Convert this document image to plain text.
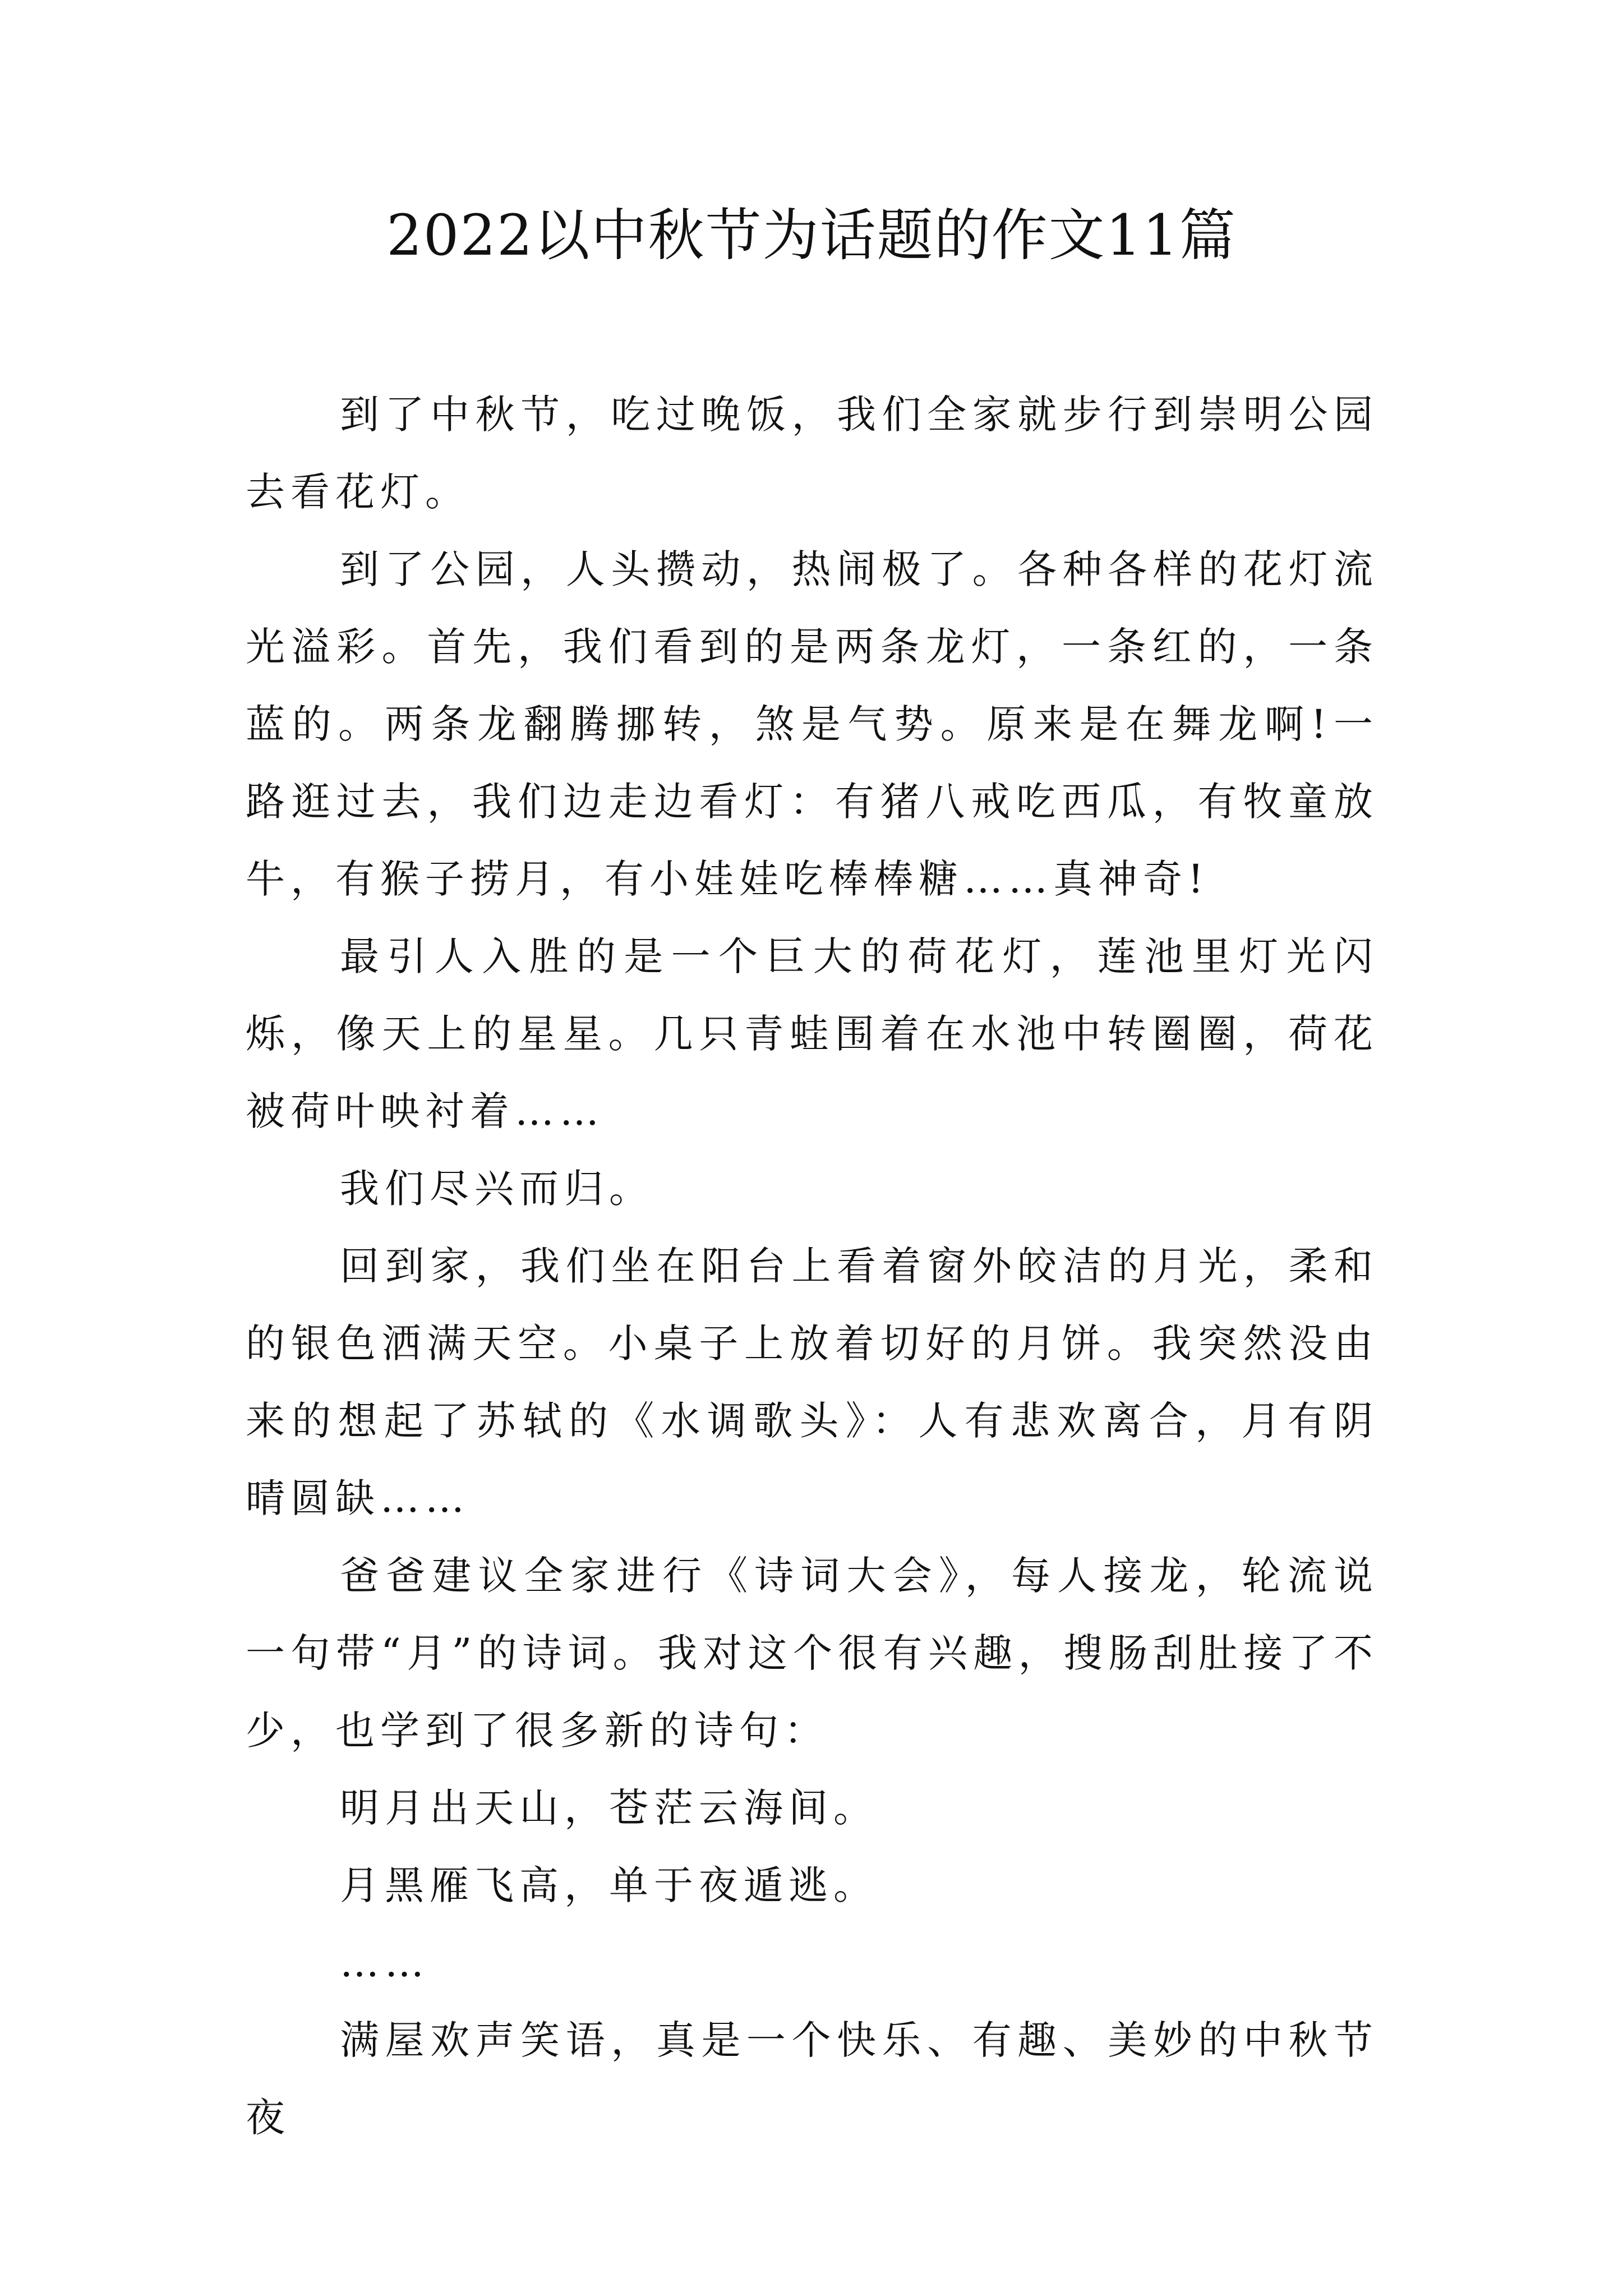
2022以中秋节为话题的作文11篇

到了中秋节，吃过晚饭，我们全家就步行到崇明公园去看花灯。

到了公园，人头攒动，热闹极了。各种各样的花灯流光溢彩。首先，我们看到的是两条龙灯，一条红的，一条蓝的。两条龙翻腾挪转，煞是气势。原来是在舞龙啊!一路逛过去，我们边走边看灯：有猪八戒吃西瓜，有牧童放牛，有猴子捞月，有小娃娃吃棒棒糖……真神奇!

最引人入胜的是一个巨大的荷花灯，莲池里灯光闪烁，像天上的星星。几只青蛙围着在水池中转圈圈，荷花被荷叶映衬着……

我们尽兴而归。

回到家，我们坐在阳台上看着窗外皎洁的月光，柔和的银色洒满天空。小桌子上放着切好的月饼。我突然没由来的想起了苏轼的《水调歌头》：人有悲欢离合，月有阴晴圆缺……

爸爸建议全家进行《诗词大会》，每人接龙，轮流说一句带“月”的诗词。我对这个很有兴趣，搜肠刮肚接了不少，也学到了很多新的诗句：

明月出天山，苍茫云海间。

月黑雁飞高，单于夜遁逃。

……

满屋欢声笑语，真是一个快乐、有趣、美妙的中秋节夜
